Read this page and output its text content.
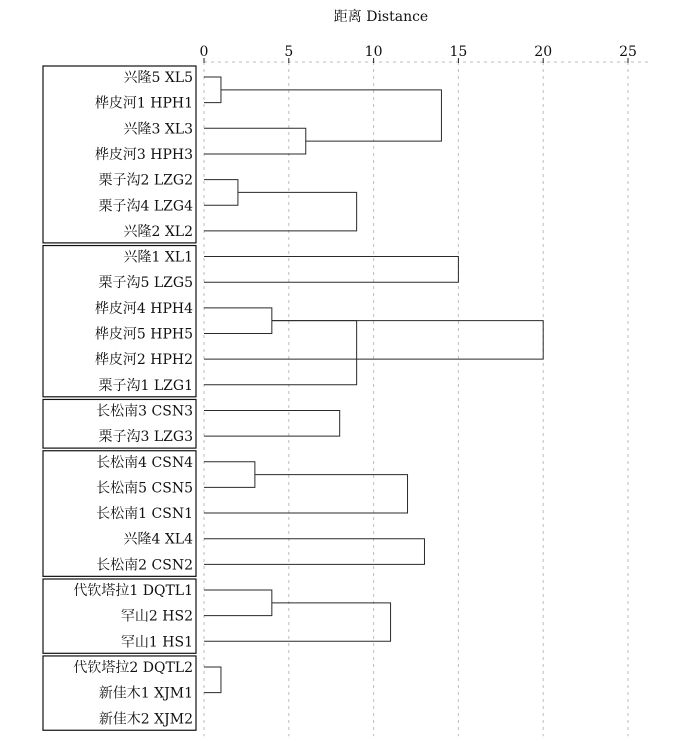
距离 Distance
0	5	10	15	20	25
兴隆5 XL5
桦皮河1 HPH1
兴隆3 XL3
桦皮河3 HPH3
栗子沟2 LZG2
栗子沟4 LZG4
兴隆2 XL2
兴隆1 XL1
栗子沟5 LZG5
桦皮河4 HPH4
桦皮河5 HPH5
桦皮河2 HPH2
栗子沟1 LZG1
长松南3 CSN3
栗子沟3 LZG3
长松南4 CSN4
长松南5 CSN5
长松南1 CSN1
兴隆4 XL4
长松南2 CSN2
代钦塔拉1 DQTL1
罕山2 HS2
罕山1 HS1
代钦塔拉2 DQTL2
新佳木1 XJM1
新佳木2 XJM2
